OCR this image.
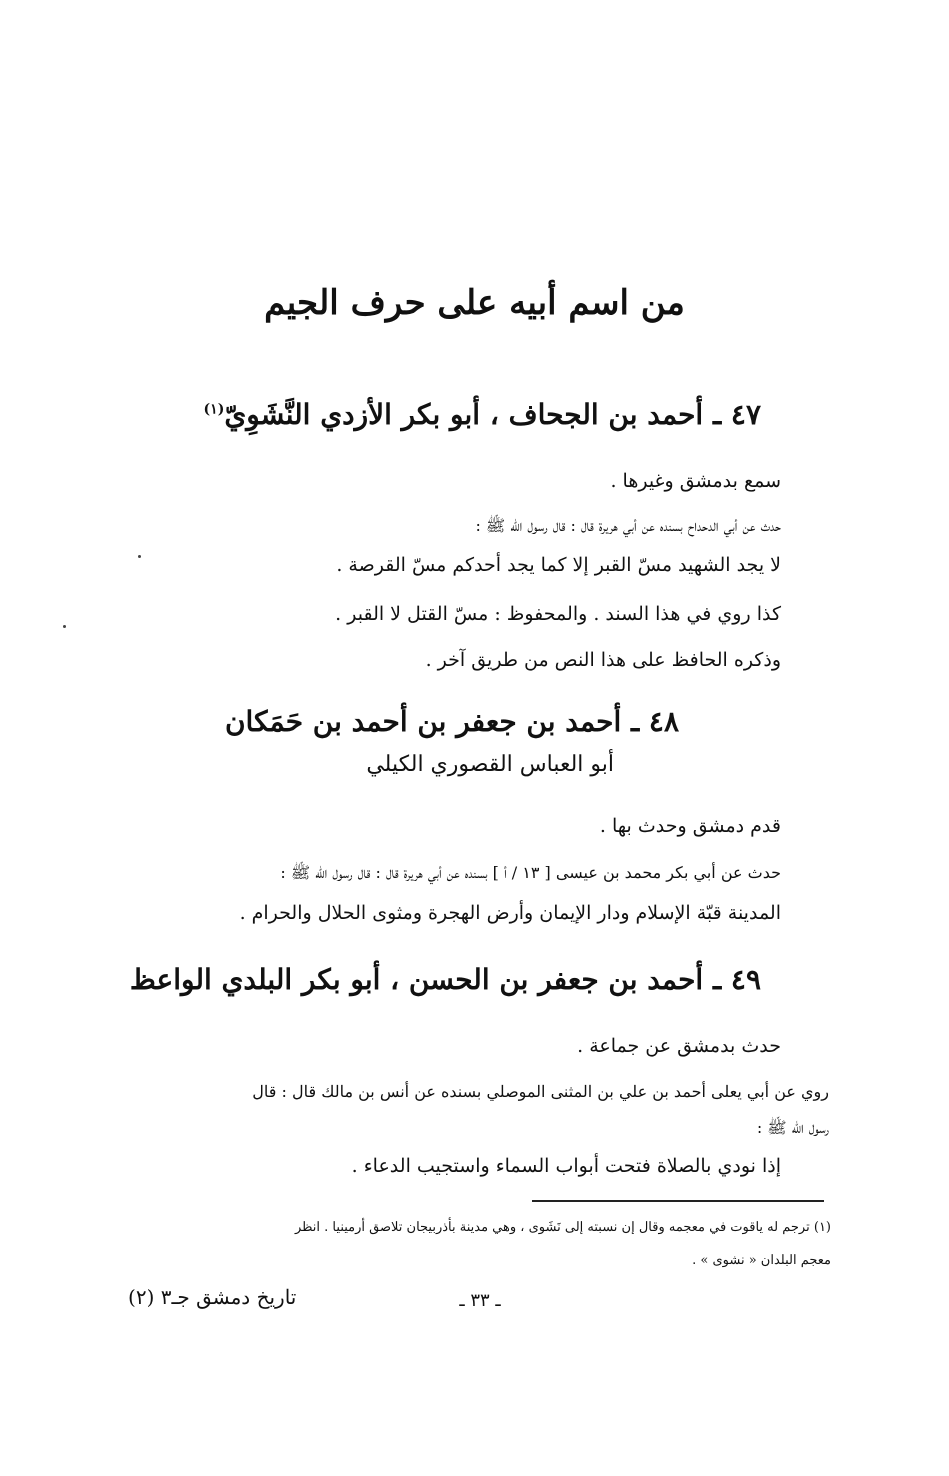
من اسم أبيه على حرف الجيم
٤٧ ـ أحمد بن الجحاف ، أبو بكر الأزدي النَّشَوِيّ$^{(١)}$
سمع بدمشق وغيرها .
حدث عن أبي الدحداح بسنده عن أبي هريرة قال : قال رسول الله ﷺ :
لا يجد الشهيد مسّ القبر إلا كما يجد أحدكم مسّ القرصة .
كذا روي في هذا السند . والمحفوظ : مسّ القتل لا القبر .
وذكره الحافظ على هذا النص من طريق آخر .
٤٨ ـ أحمد بن جعفر بن أحمد بن حَمَكان
أبو العباس القصوري الكيلي
قدم دمشق وحدث بها .
حدث عن أبي بكر محمد بن عيسى [ ١٣ / أ ] بسنده عن أبي هريرة قال : قال رسول الله ﷺ :
المدينة قبّة الإسلام ودار الإيمان وأرض الهجرة ومثوى الحلال والحرام .
٤٩ ـ أحمد بن جعفر بن الحسن ، أبو بكر البلدي الواعظ
حدث بدمشق عن جماعة .
روي عن أبي يعلى أحمد بن علي بن المثنى الموصلي بسنده عن أنس بن مالك قال : قال
رسول الله ﷺ :
إذا نودي بالصلاة فتحت أبواب السماء واستجيب الدعاء .
(١) ترجم له ياقوت في معجمه وقال إن نسبته إلى نَشَوى ، وهي مدينة بأذربيجان تلاصق أرمينيا . انظر
معجم البلدان « نشوى » .
تاريخ دمشق جـ٣ (٢)	ـ ٣٣ ـ
